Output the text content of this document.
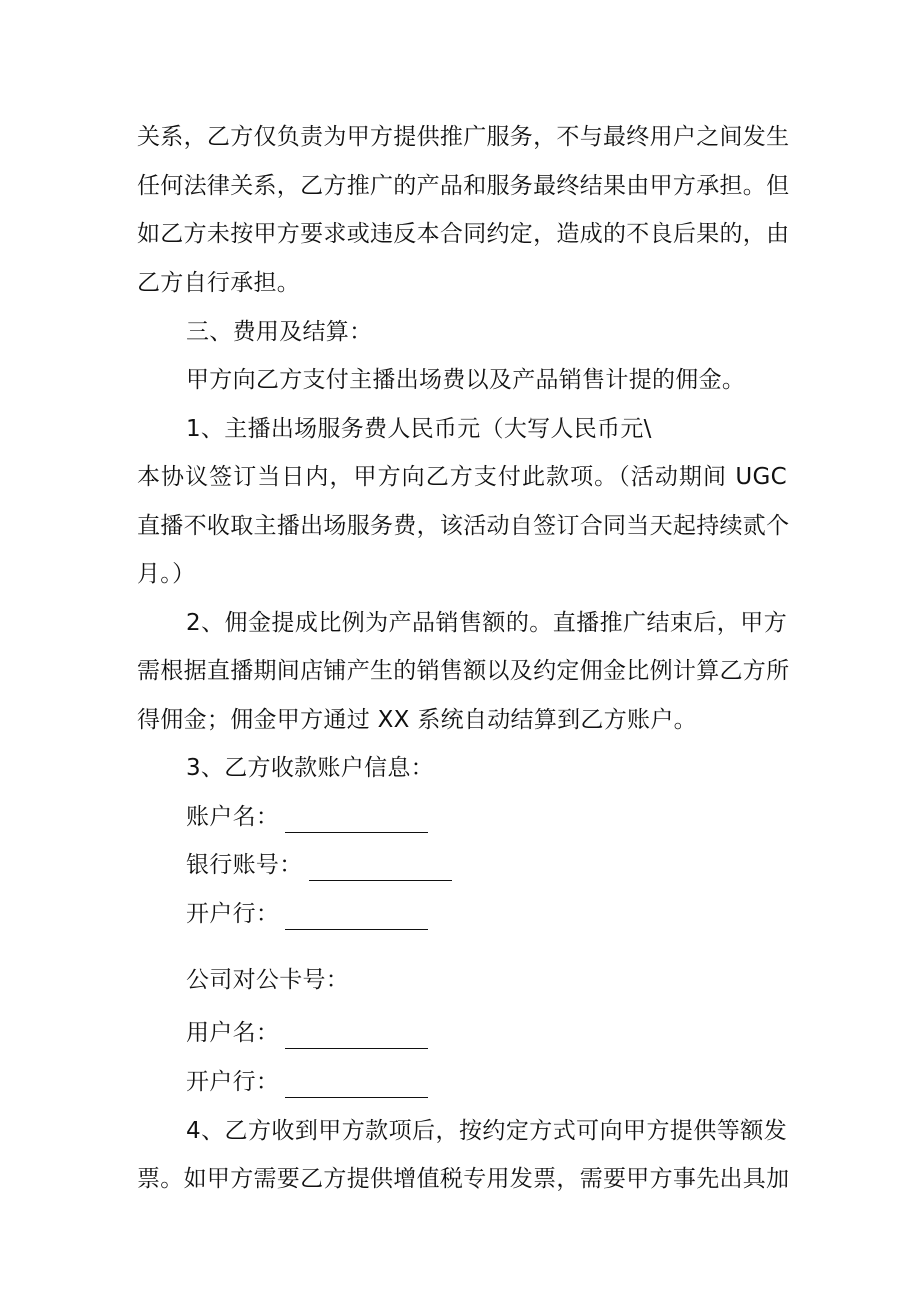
关系，乙方仅负责为甲方提供推广服务，不与最终用户之间发生
任何法律关系，乙方推广的产品和服务最终结果由甲方承担。但
如乙方未按甲方要求或违反本合同约定，造成的不良后果的，由
乙方自行承担。
三、费用及结算：
甲方向乙方支付主播出场费以及产品销售计提的佣金。
1、主播出场服务费人民币元（大写人民币元\
本协议签订当日内，甲方向乙方支付此款项。（活动期间 UGC
直播不收取主播出场服务费，该活动自签订合同当天起持续贰个
月。）
2、佣金提成比例为产品销售额的。直播推广结束后，甲方
需根据直播期间店铺产生的销售额以及约定佣金比例计算乙方所
得佣金；佣金甲方通过 XX 系统自动结算到乙方账户。
3、乙方收款账户信息：
账户名：
银行账号：
开户行：
公司对公卡号：
用户名：
开户行：
4、乙方收到甲方款项后，按约定方式可向甲方提供等额发
票。如甲方需要乙方提供增值税专用发票，需要甲方事先出具加
